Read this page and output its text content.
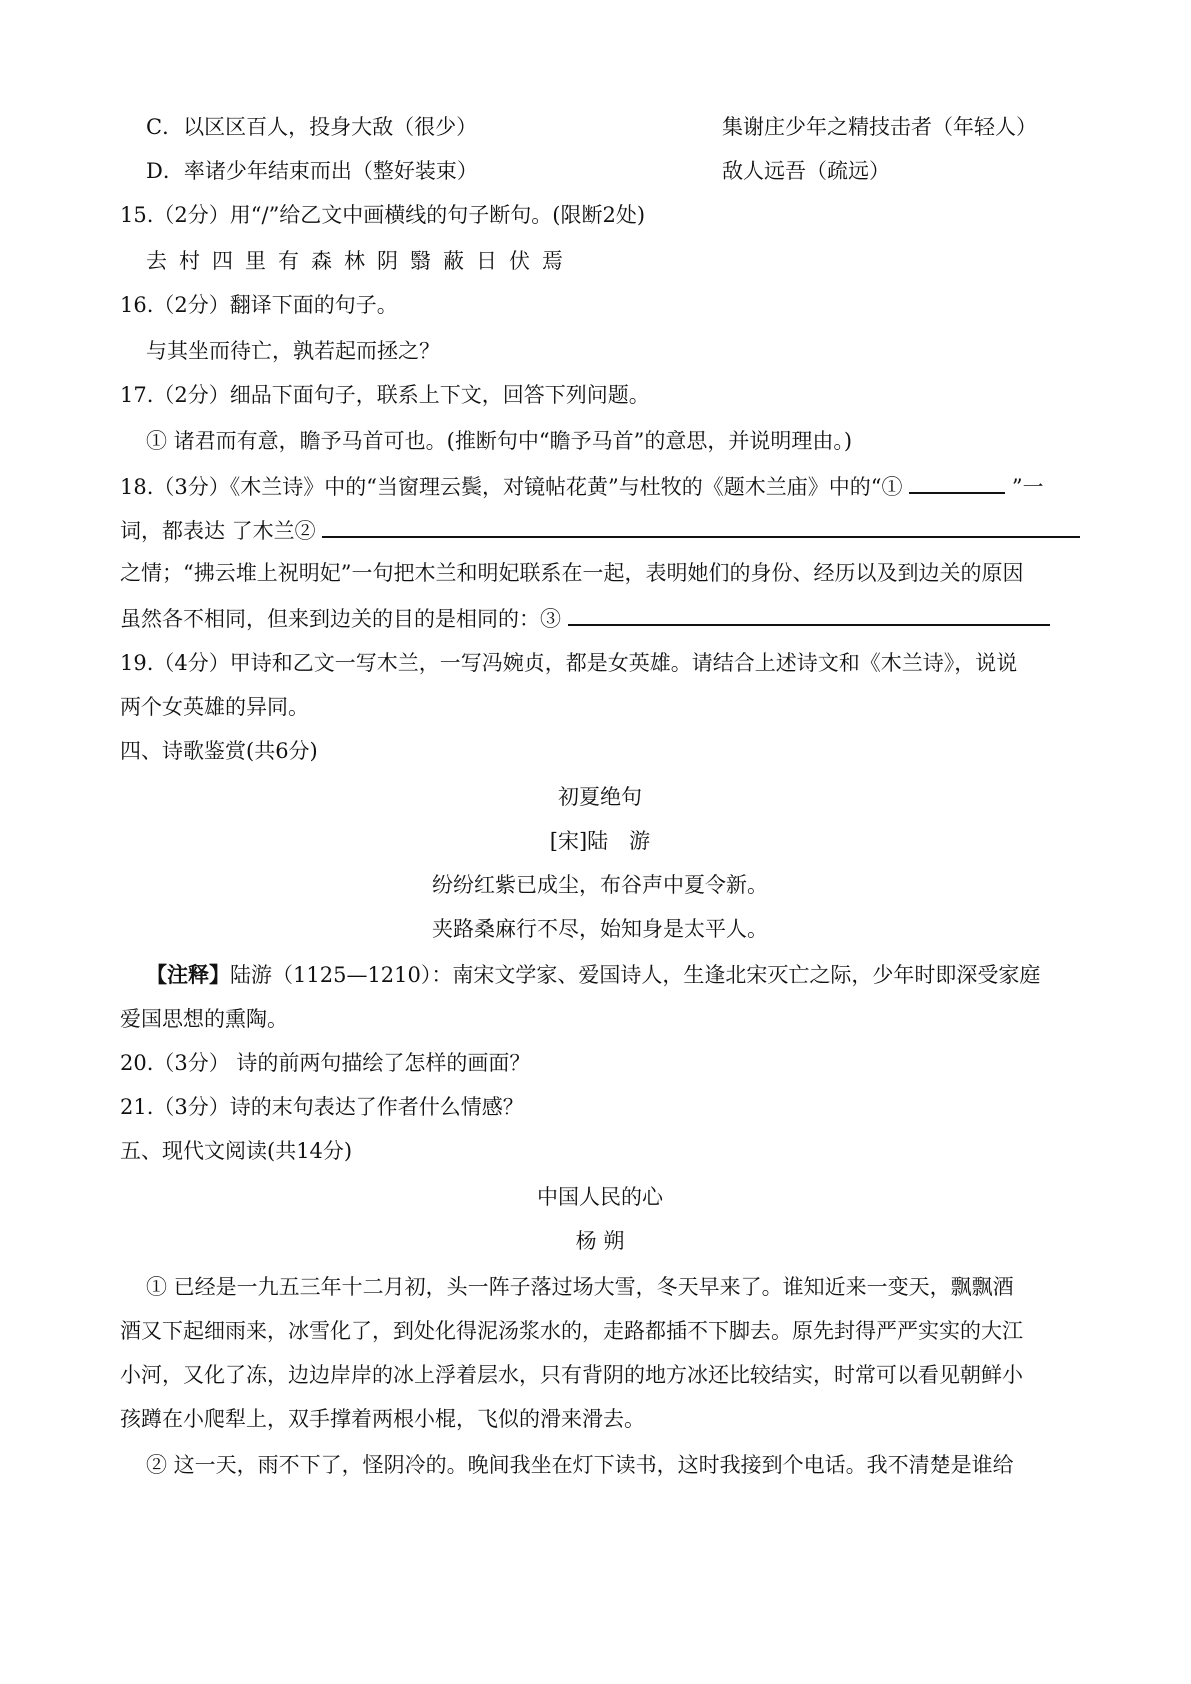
C．以区区百人，投身大敌（很少）	集谢庄少年之精技击者（年轻人）
D．率诸少年结束而出（整好装束）	敌人远吾（疏远）
15.（2分）用“/”给乙文中画横线的句子断句。(限断2处)
去村四里有森林阴翳蔽日伏焉
16.（2分）翻译下面的句子。
与其坐而待亡，孰若起而拯之？
17.（2分）细品下面句子，联系上下文，回答下列问题。
① 诸君而有意，瞻予马首可也。(推断句中“瞻予马首”的意思，并说明理由。)
18.（3分）《木兰诗》中的“当窗理云鬓，对镜帖花黄”与杜牧的《题木兰庙》中的“①	”一
词，都表达 了木兰②
之情；“拂云堆上祝明妃”一句把木兰和明妃联系在一起，表明她们的身份、经历以及到边关的原因
虽然各不相同，但来到边关的目的是相同的：③
19.（4分）甲诗和乙文一写木兰，一写冯婉贞，都是女英雄。请结合上述诗文和《木兰诗》，说说
两个女英雄的异同。
四、诗歌鉴赏(共6分)
初夏绝句
[宋]陆　游
纷纷红紫已成尘，布谷声中夏令新。
夹路桑麻行不尽，始知身是太平人。
【注释】陆游（1125—1210）：南宋文学家、爱国诗人，生逢北宋灭亡之际，少年时即深受家庭
爱国思想的熏陶。
20.（3分） 诗的前两句描绘了怎样的画面？
21.（3分）诗的末句表达了作者什么情感？
五、现代文阅读(共14分)
中国人民的心
杨 朔
① 已经是一九五三年十二月初，头一阵子落过场大雪，冬天早来了。谁知近来一变天，飘飘酒
酒又下起细雨来，冰雪化了，到处化得泥汤浆水的，走路都插不下脚去。原先封得严严实实的大江
小河，又化了冻，边边岸岸的冰上浮着层水，只有背阴的地方冰还比较结实，时常可以看见朝鲜小
孩蹲在小爬犁上，双手撑着两根小棍，飞似的滑来滑去。
② 这一天，雨不下了，怪阴冷的。晚间我坐在灯下读书，这时我接到个电话。我不清楚是谁给
